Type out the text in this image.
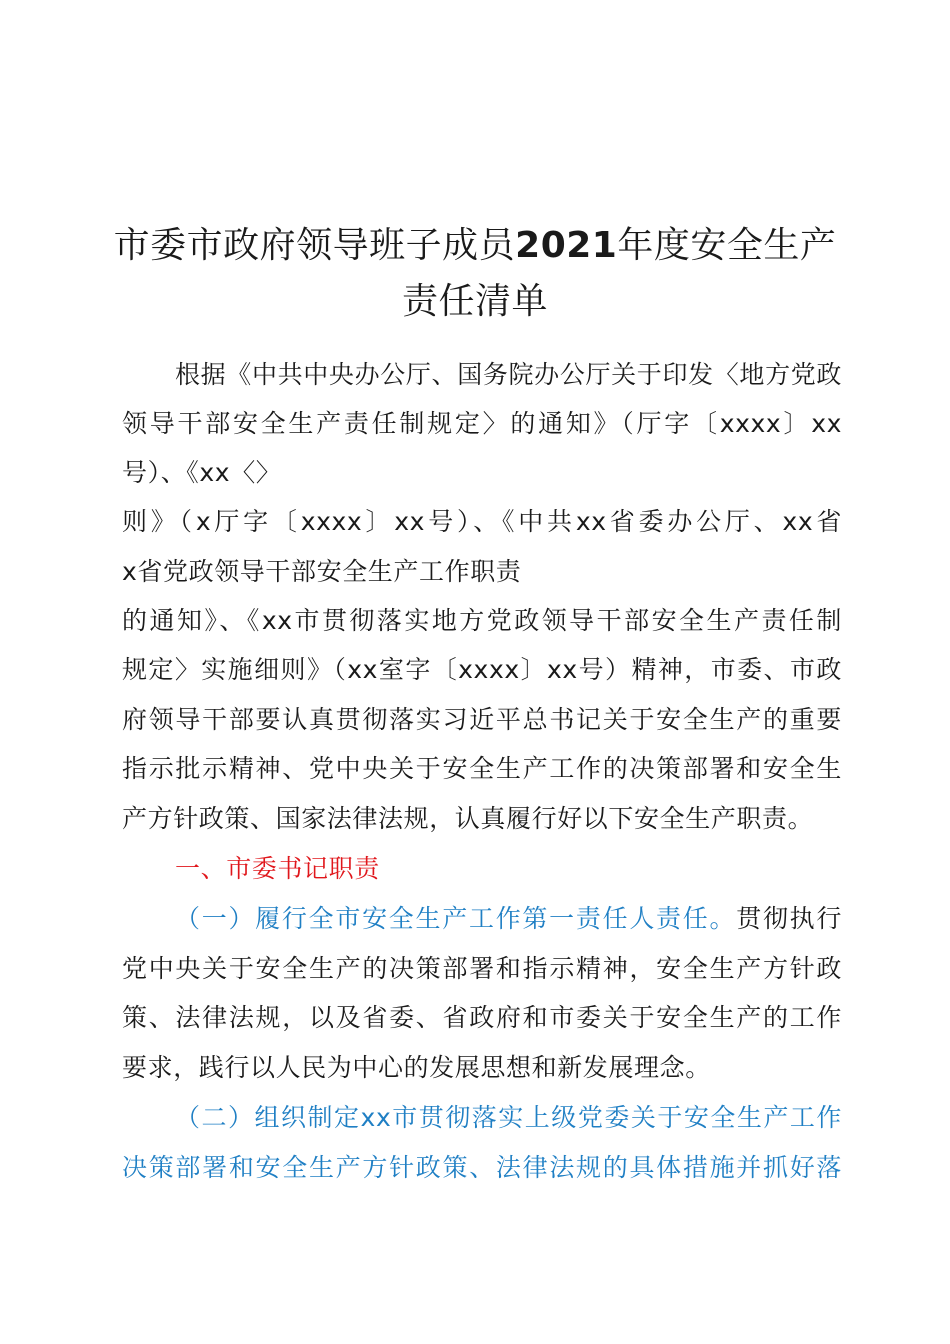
市委市政府领导班子成员2021年度安全生产
责任清单
根据《中共中央办公厅、国务院办公厅关于印发〈地方党政
领导干部安全生产责任制规定〉的通知》（厅字〔xxxx〕xx
号）、《xx〈〉
则》（x厅字〔xxxx〕xx号）、《中共xx省委办公厅、xx省
x省党政领导干部安全生产工作职责
的通知》、《xx市贯彻落实地方党政领导干部安全生产责任制
规定〉实施细则》（xx室字〔xxxx〕xx号）精神，市委、市政
府领导干部要认真贯彻落实习近平总书记关于安全生产的重要
指示批示精神、党中央关于安全生产工作的决策部署和安全生
产方针政策、国家法律法规，认真履行好以下安全生产职责。
一、市委书记职责
（一）履行全市安全生产工作第一责任人责任。贯彻执行
党中央关于安全生产的决策部署和指示精神，安全生产方针政
策、法律法规，以及省委、省政府和市委关于安全生产的工作
要求，践行以人民为中心的发展思想和新发展理念。
（二）组织制定xx市贯彻落实上级党委关于安全生产工作
决策部署和安全生产方针政策、法律法规的具体措施并抓好落
